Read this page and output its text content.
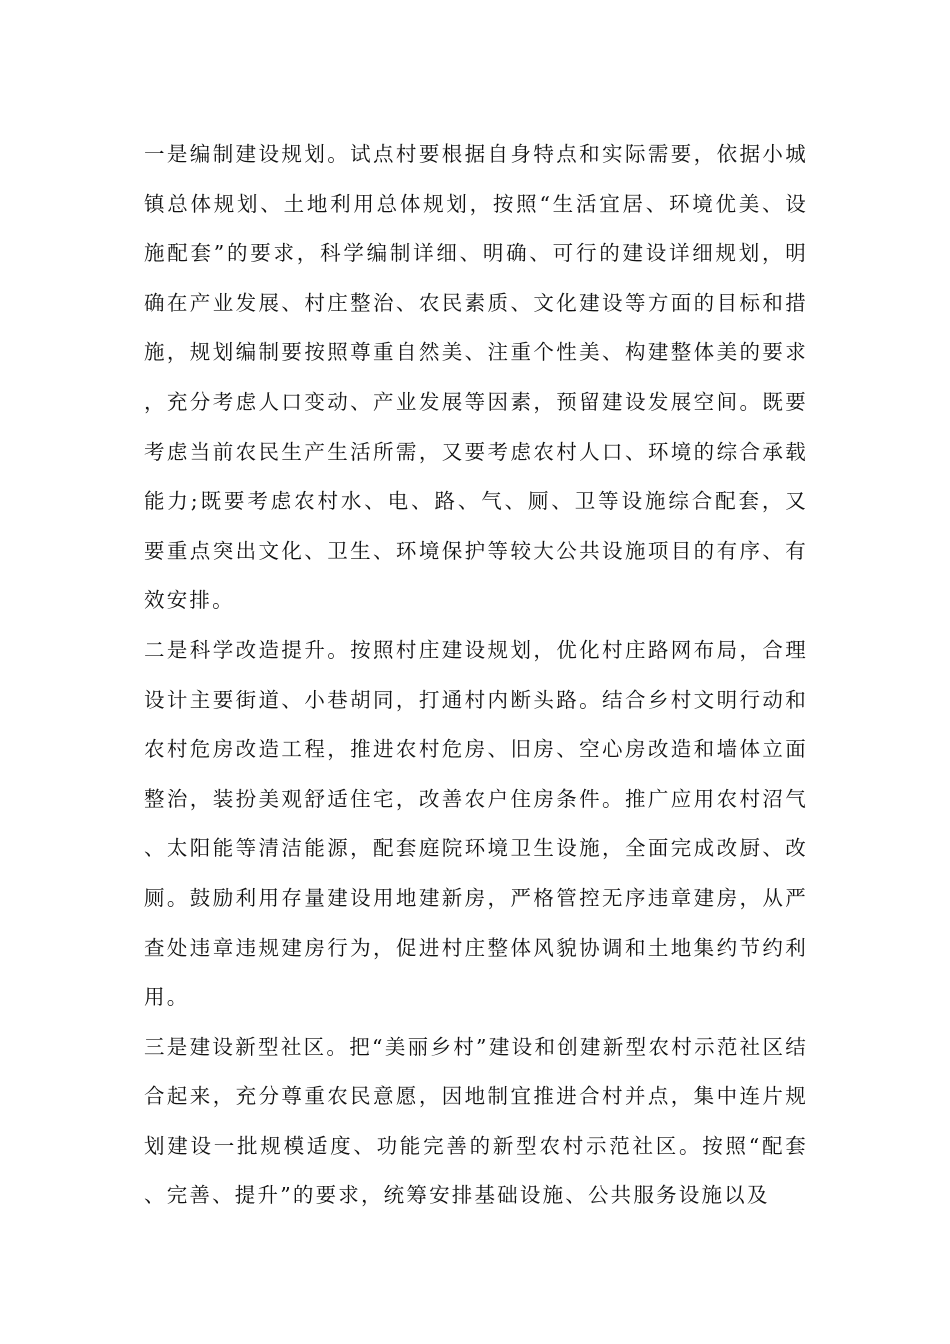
一是编制建设规划。试点村要根据自身特点和实际需要，依据小城镇总体规划、土地利用总体规划，按照“生活宜居、环境优美、设施配套”的要求，科学编制详细、明确、可行的建设详细规划，明确在产业发展、村庄整治、农民素质、文化建设等方面的目标和措施，规划编制要按照尊重自然美、注重个性美、构建整体美的要求，充分考虑人口变动、产业发展等因素，预留建设发展空间。既要考虑当前农民生产生活所需，又要考虑农村人口、环境的综合承载能力;既要考虑农村水、电、路、气、厕、卫等设施综合配套，又要重点突出文化、卫生、环境保护等较大公共设施项目的有序、有效安排。

二是科学改造提升。按照村庄建设规划，优化村庄路网布局，合理设计主要街道、小巷胡同，打通村内断头路。结合乡村文明行动和农村危房改造工程，推进农村危房、旧房、空心房改造和墙体立面整治，装扮美观舒适住宅，改善农户住房条件。推广应用农村沼气、太阳能等清洁能源，配套庭院环境卫生设施，全面完成改厨、改厕。鼓励利用存量建设用地建新房，严格管控无序违章建房，从严查处违章违规建房行为，促进村庄整体风貌协调和土地集约节约利用。

三是建设新型社区。把“美丽乡村”建设和创建新型农村示范社区结合起来，充分尊重农民意愿，因地制宜推进合村并点，集中连片规划建设一批规模适度、功能完善的新型农村示范社区。按照“配套、完善、提升”的要求，统筹安排基础设施、公共服务设施以及
